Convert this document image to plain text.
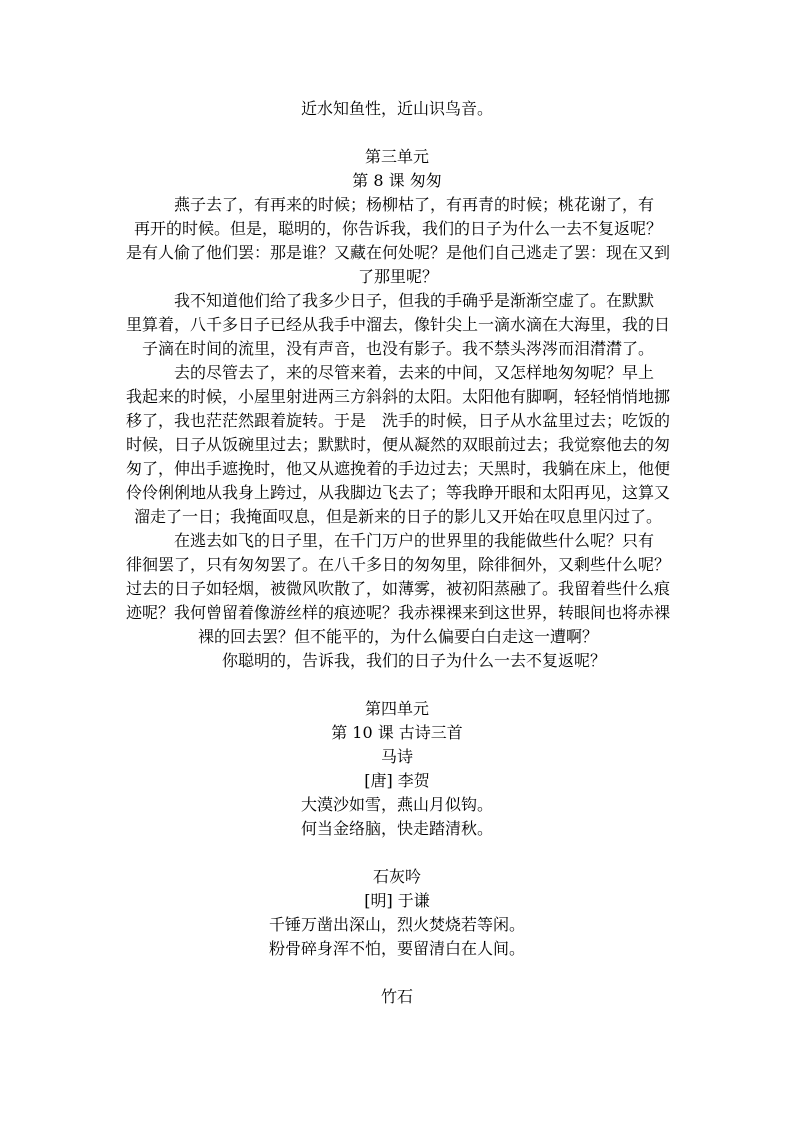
近水知鱼性，近山识鸟音。
第三单元
第 8 课 匆匆
　　燕子去了，有再来的时候；杨柳枯了，有再青的时候；桃花谢了，有
再开的时候。但是，聪明的，你告诉我，我们的日子为什么一去不复返呢？
是有人偷了他们罢：那是谁？又藏在何处呢？是他们自己逃走了罢：现在又到
了那里呢？
　　我不知道他们给了我多少日子，但我的手确乎是渐渐空虚了。在默默
里算着，八千多日子已经从我手中溜去，像针尖上一滴水滴在大海里，我的日
子滴在时间的流里，没有声音，也没有影子。我不禁头涔涔而泪潸潸了。
　　去的尽管去了，来的尽管来着，去来的中间，又怎样地匆匆呢？早上
我起来的时候，小屋里射进两三方斜斜的太阳。太阳他有脚啊，轻轻悄悄地挪
移了，我也茫茫然跟着旋转。于是　洗手的时候，日子从水盆里过去；吃饭的
时候，日子从饭碗里过去；默默时，便从凝然的双眼前过去；我觉察他去的匆
匆了，伸出手遮挽时，他又从遮挽着的手边过去；天黑时，我躺在床上，他便
伶伶俐俐地从我身上跨过，从我脚边飞去了；等我睁开眼和太阳再见，这算又
溜走了一日；我掩面叹息，但是新来的日子的影儿又开始在叹息里闪过了。
　　在逃去如飞的日子里，在千门万户的世界里的我能做些什么呢？只有
徘徊罢了，只有匆匆罢了。在八千多日的匆匆里，除徘徊外，又剩些什么呢？
过去的日子如轻烟，被微风吹散了，如薄雾，被初阳蒸融了。我留着些什么痕
迹呢？我何曾留着像游丝样的痕迹呢？我赤裸裸来到这世界，转眼间也将赤裸
裸的回去罢？但不能平的，为什么偏要白白走这一遭啊？
　　你聪明的，告诉我，我们的日子为什么一去不复返呢？
第四单元
第 10 课 古诗三首
马诗
[唐] 李贺
大漠沙如雪，燕山月似钩。
何当金络脑，快走踏清秋。
石灰吟
[明] 于谦
千锤万凿出深山，烈火焚烧若等闲。
粉骨碎身浑不怕，要留清白在人间。
竹石
